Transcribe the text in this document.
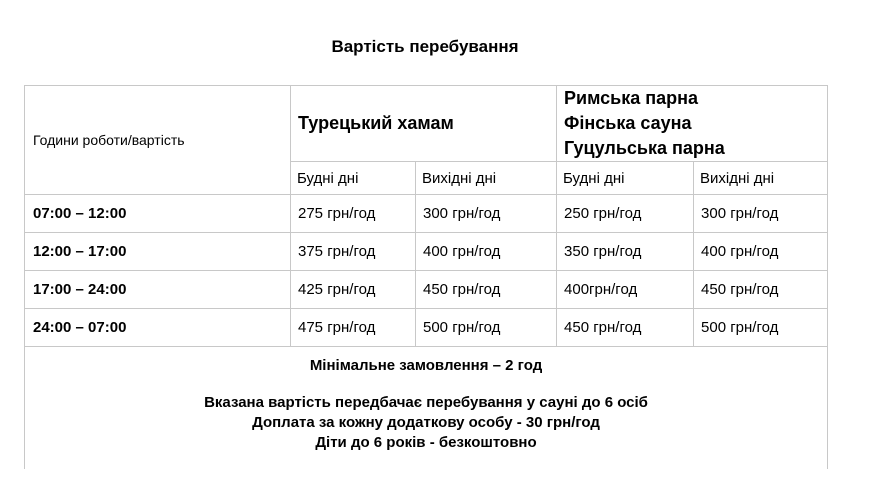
Вартість перебування
Години роботи/вартість	Турецький хамам		Римська парна
Фінська сауна
Гуцульська парна	

	Будні дні	Вихідні дні	Будні дні	Вихідні дні
07:00 – 12:00	275 грн/год	300 грн/год	250 грн/год	300 грн/год
12:00 – 17:00	375 грн/год	400 грн/год	350 грн/год	400 грн/год
17:00 – 24:00	425 грн/год	450 грн/год	400грн/год	450 грн/год
24:00 – 07:00	475 грн/год	500 грн/год	450 грн/год	500 грн/год

Мінімальне замовлення – 2 год
Вказана вартість передбачає перебування у сауні до 6 осіб
Доплата за кожну додаткову особу - 30 грн/год
Діти до 6 років - безкоштовно				
